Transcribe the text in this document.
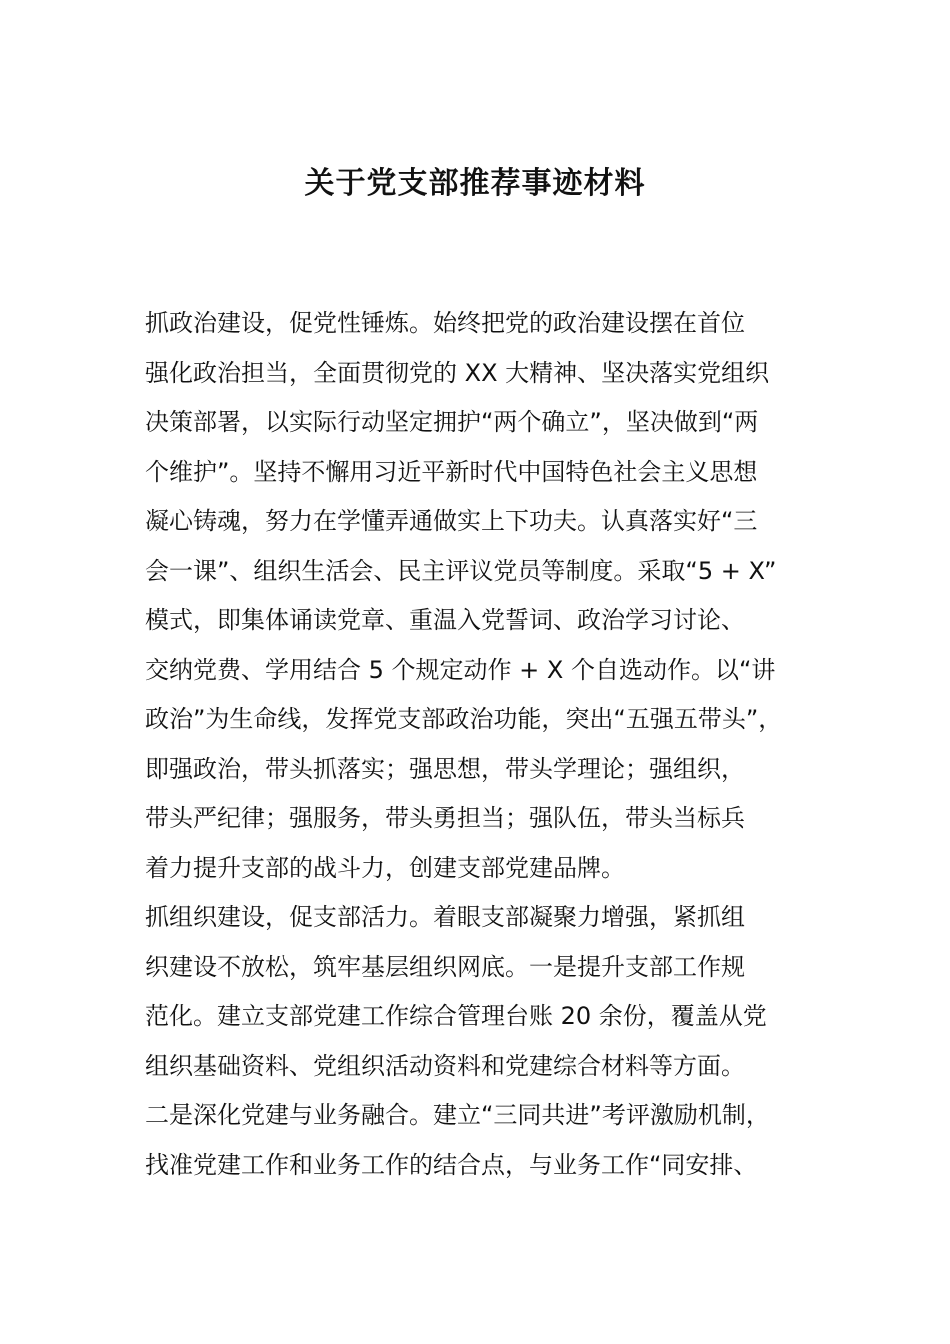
关于党支部推荐事迹材料
抓政治建设，促党性锤炼。始终把党的政治建设摆在首位
强化政治担当，全面贯彻党的 XX 大精神、坚决落实党组织
决策部署，以实际行动坚定拥护“两个确立”，坚决做到“两
个维护”。坚持不懈用习近平新时代中国特色社会主义思想
凝心铸魂，努力在学懂弄通做实上下功夫。认真落实好“三
会一课”、组织生活会、民主评议党员等制度。采取“5 + X”
模式，即集体诵读党章、重温入党誓词、政治学习讨论、
交纳党费、学用结合 5 个规定动作 + X 个自选动作。以“讲
政治”为生命线，发挥党支部政治功能，突出“五强五带头”，
即强政治，带头抓落实；强思想，带头学理论；强组织，
带头严纪律；强服务，带头勇担当；强队伍，带头当标兵
着力提升支部的战斗力，创建支部党建品牌。
抓组织建设，促支部活力。着眼支部凝聚力增强，紧抓组
织建设不放松，筑牢基层组织网底。一是提升支部工作规
范化。建立支部党建工作综合管理台账 20 余份，覆盖从党
组织基础资料、党组织活动资料和党建综合材料等方面。
二是深化党建与业务融合。建立“三同共进”考评激励机制，
找准党建工作和业务工作的结合点，与业务工作“同安排、
